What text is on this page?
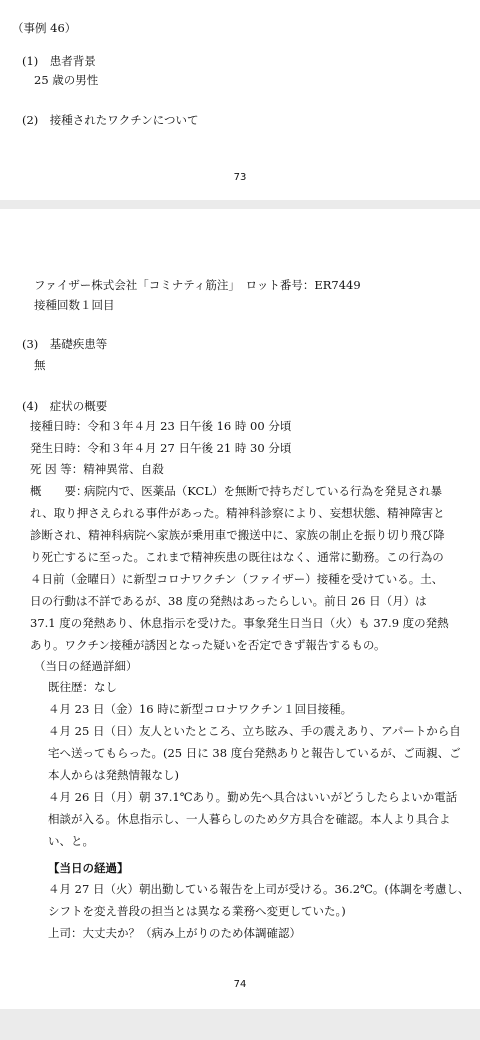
（事例 46）
(1)　患者背景
25 歳の男性
(2)　接種されたワクチンについて
73
ファイザー株式会社「コミナティ筋注」　ロット番号：ER7449
接種回数１回目
(3)　基礎疾患等
無
(4)　症状の概要
接種日時：令和３年４月 23 日午後 16 時 00 分頃
発生日時：令和３年４月 27 日午後 21 時 30 分頃
死 因 等：精神異常、自殺
概　　要：
病院内で、医薬品（KCL）を無断で持ちだしている行為を発見され暴れ、取り押さえられる事件があった。精神科診察により、妄想状態、精神障害と診断され、精神科病院へ家族が乗用車で搬送中に、家族の制止を振り切り飛び降り死亡するに至った。これまで精神疾患の既往はなく、通常に勤務。この行為の４日前（金曜日）に新型コロナワクチン（ファイザー）接種を受けている。土、日の行動は不詳であるが、38 度の発熱はあったらしい。前日 26 日（月）は 37.1 度の発熱あり、休息指示を受けた。事象発生日当日（火）も 37.9 度の発熱あり。ワクチン接種が誘因となった疑いを否定できず報告するもの。
（当日の経過詳細）
既往歴：なし
４月 23 日（金）16 時に新型コロナワクチン１回目接種。
４月 25 日（日）友人といたところ、立ち眩み、手の震えあり、アパートから自
宅へ送ってもらった。(25 日に 38 度台発熱ありと報告しているが、ご両親、ご
本人からは発熱情報なし)
４月 26 日（月）朝 37.1℃あり。勤め先へ具合はいいがどうしたらよいか電話
相談が入る。休息指示し、一人暮らしのため夕方具合を確認。本人より具合よ
い、と。
【当日の経過】
４月 27 日（火）朝出勤している報告を上司が受ける。36.2℃。(体調を考慮し、
シフトを変え普段の担当とは異なる業務へ変更していた。)
上司：大丈夫か？（病み上がりのため体調確認）
74
